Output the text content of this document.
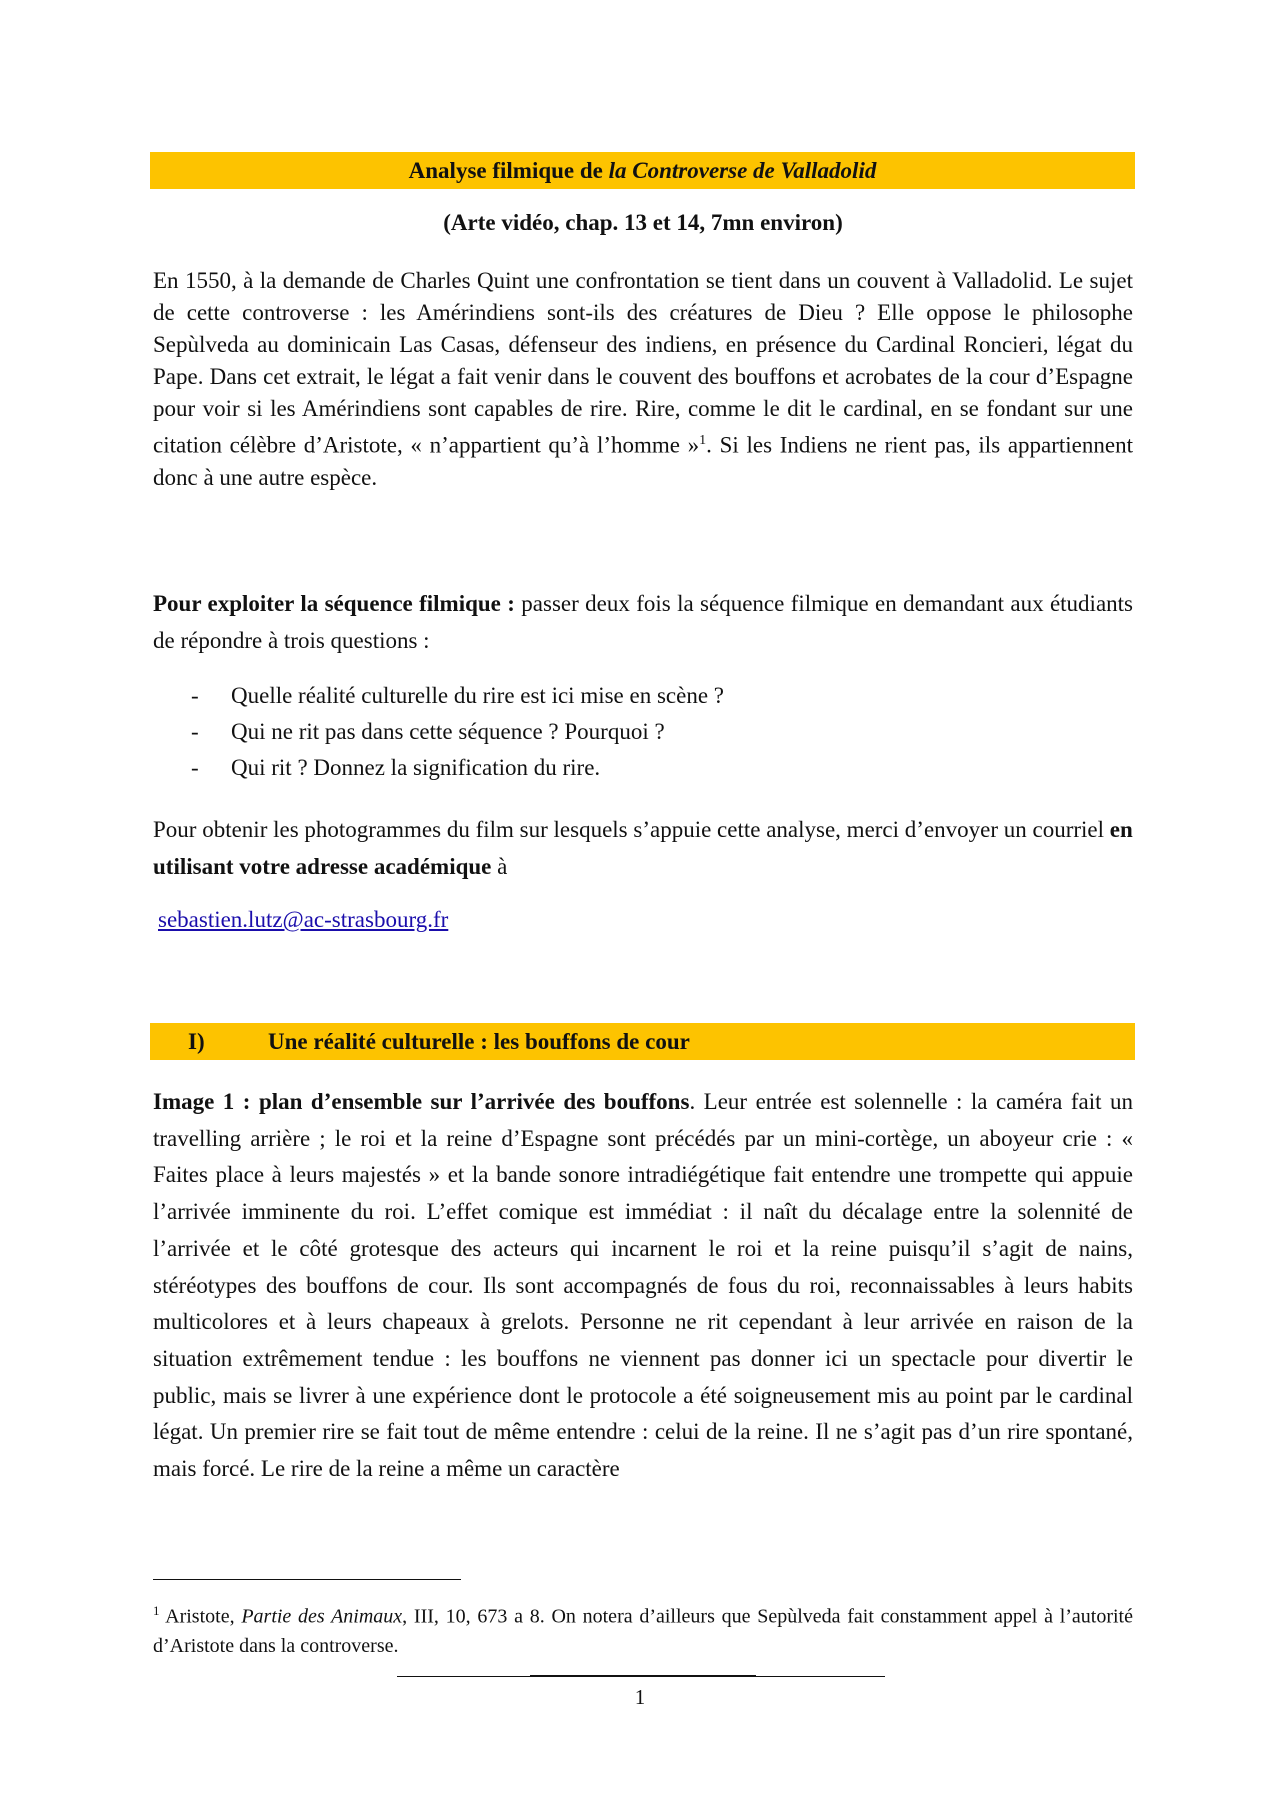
Analyse filmique de la Controverse de Valladolid
(Arte vidéo, chap. 13 et 14, 7mn environ)

En 1550, à la demande de Charles Quint une confrontation se tient dans un couvent à Valladolid. Le sujet de cette controverse : les Amérindiens sont-ils des créatures de Dieu ? Elle oppose le philosophe Sepùlveda au dominicain Las Casas, défenseur des indiens, en présence du Cardinal Roncieri, légat du Pape. Dans cet extrait, le légat a fait venir dans le couvent des bouffons et acrobates de la cour d’Espagne pour voir si les Amérindiens sont capables de rire. Rire, comme le dit le cardinal, en se fondant sur une citation célèbre d’Aristote, « n’appartient qu’à l’homme »$^1$. Si les Indiens ne rient pas, ils appartiennent donc à une autre espèce.

Pour exploiter la séquence filmique : passer deux fois la séquence filmique en demandant aux étudiants de répondre à trois questions :

- Quelle réalité culturelle du rire est ici mise en scène ?
- Qui ne rit pas dans cette séquence ? Pourquoi ?
- Qui rit ? Donnez la signification du rire.

Pour obtenir les photogrammes du film sur lesquels s’appuie cette analyse, merci d’envoyer un courriel en utilisant votre adresse académique à

sebastien.lutz@ac-strasbourg.fr
I)	Une réalité culturelle : les bouffons de cour

Image 1 : plan d’ensemble sur l’arrivée des bouffons. Leur entrée est solennelle : la caméra fait un travelling arrière ; le roi et la reine d’Espagne sont précédés par un mini-cortège, un aboyeur crie : « Faites place à leurs majestés » et la bande sonore intradiégétique fait entendre une trompette qui appuie l’arrivée imminente du roi. L’effet comique est immédiat : il naît du décalage entre la solennité de l’arrivée et le côté grotesque des acteurs qui incarnent le roi et la reine puisqu’il s’agit de nains, stéréotypes des bouffons de cour. Ils sont accompagnés de fous du roi, reconnaissables à leurs habits multicolores et à leurs chapeaux à grelots. Personne ne rit cependant à leur arrivée en raison de la situation extrêmement tendue : les bouffons ne viennent pas donner ici un spectacle pour divertir le public, mais se livrer à une expérience dont le protocole a été soigneusement mis au point par le cardinal légat. Un premier rire se fait tout de même entendre : celui de la reine. Il ne s’agit pas d’un rire spontané, mais forcé. Le rire de la reine a même un caractère

$^1$ Aristote, Partie des Animaux, III, 10, 673 a 8. On notera d’ailleurs que Sepùlveda fait constamment appel à l’autorité d’Aristote dans la controverse.
1
